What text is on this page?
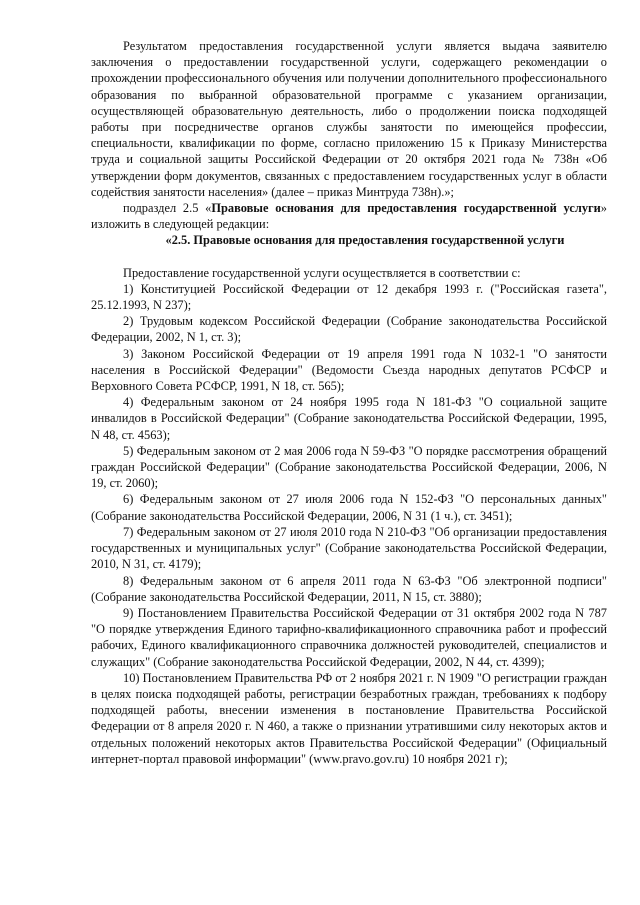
Результатом предоставления государственной услуги является выдача заявителю заключения о предоставлении государственной услуги, содержащего рекомендации о прохождении профессионального обучения или получении дополнительного профессионального образования по выбранной образовательной программе с указанием организации, осуществляющей образовательную деятельность, либо о продолжении поиска подходящей работы при посредничестве органов службы занятости по имеющейся профессии, специальности, квалификации по форме, согласно приложению 15 к Приказу Министерства труда и социальной защиты Российской Федерации от 20 октября 2021 года № 738н «Об утверждении форм документов, связанных с предоставлением государственных услуг в области содействия занятости населения» (далее – приказ Минтруда 738н).»;

подраздел 2.5 «Правовые основания для предоставления государственной услуги» изложить в следующей редакции:

«2.5. Правовые основания для предоставления государственной услуги

Предоставление государственной услуги осуществляется в соответствии с:

1) Конституцией Российской Федерации от 12 декабря 1993 г. ("Российская газета", 25.12.1993, N 237);

2) Трудовым кодексом Российской Федерации (Собрание законодательства Российской Федерации, 2002, N 1, ст. 3);

3) Законом Российской Федерации от 19 апреля 1991 года N 1032-1 "О занятости населения в Российской Федерации" (Ведомости Съезда народных депутатов РСФСР и Верховного Совета РСФСР, 1991, N 18, ст. 565);

4) Федеральным законом от 24 ноября 1995 года N 181-ФЗ "О социальной защите инвалидов в Российской Федерации" (Собрание законодательства Российской Федерации, 1995, N 48, ст. 4563);

5) Федеральным законом от 2 мая 2006 года N 59-ФЗ "О порядке рассмотрения обращений граждан Российской Федерации" (Собрание законодательства Российской Федерации, 2006, N 19, ст. 2060);

6) Федеральным законом от 27 июля 2006 года N 152-ФЗ "О персональных данных" (Собрание законодательства Российской Федерации, 2006, N 31 (1 ч.), ст. 3451);

7) Федеральным законом от 27 июля 2010 года N 210-ФЗ "Об организации предоставления государственных и муниципальных услуг" (Собрание законодательства Российской Федерации, 2010, N 31, ст. 4179);

8) Федеральным законом от 6 апреля 2011 года N 63-ФЗ "Об электронной подписи" (Собрание законодательства Российской Федерации, 2011, N 15, ст. 3880);

9) Постановлением Правительства Российской Федерации от 31 октября 2002 года N 787 "О порядке утверждения Единого тарифно-квалификационного справочника работ и профессий рабочих, Единого квалификационного справочника должностей руководителей, специалистов и служащих" (Собрание законодательства Российской Федерации, 2002, N 44, ст. 4399);

10) Постановлением Правительства РФ от 2 ноября 2021 г. N 1909 "О регистрации граждан в целях поиска подходящей работы, регистрации безработных граждан, требованиях к подбору подходящей работы, внесении изменения в постановление Правительства Российской Федерации от 8 апреля 2020 г. N 460, а также о признании утратившими силу некоторых актов и отдельных положений некоторых актов Правительства Российской Федерации" (Официальный интернет-портал правовой информации" (www.pravo.gov.ru) 10 ноября 2021 г);
